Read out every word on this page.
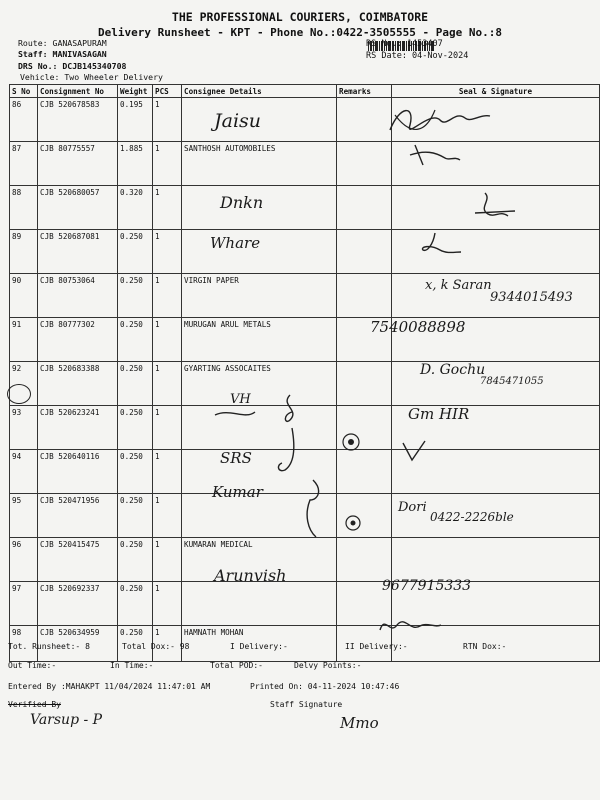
THE PROFESSIONAL COURIERS, COIMBATORE
Delivery Runsheet - KPT - Phone No.:0422-3505555 - Page No.:8
Route: GANASAPURAM
Staff: MANIVASAGAN
DRS No.: DCJB145340708
Vehicle: Two Wheeler Delivery
RS No.: 1453407
RS Date: 04-Nov-2024
S No	Consignment No	Weight	PCS	Consignee Details	Remarks	Seal & Signature
86	CJB 520678583	0.195	1			
87	CJB 80775557	1.885	1	SANTHOSH AUTOMOBILES		
88	CJB 520680057	0.320	1			
89	CJB 520687081	0.250	1			
90	CJB 80753064	0.250	1	VIRGIN PAPER		
91	CJB 80777302	0.250	1	MURUGAN ARUL METALS		
92	CJB 520683388	0.250	1	GYARTING ASSOCAITES		
93	CJB 520623241	0.250	1			
94	CJB 520640116	0.250	1			
95	CJB 520471956	0.250	1			
96	CJB 520415475	0.250	1	KUMARAN MEDICAL		
97	CJB 520692337	0.250	1			
98	CJB 520634959	0.250	1	HAMNATH MOHAN		
Jaisu
Dnkn
Whare
x, k Saran
9344015493
7540088898
D. Gochu
7845471055
VH
Gm HIR
SRS
Kumar
Dori
0422-2226ble
Arunvish
9677915333
Tot. Runsheet:- 8	Total Dox:- 98	I Delivery:-	II Delivery:-	RTN Dox:-
Out Time:-	In Time:-	Total POD:-	Delvy Points:-
Entered By :MAHAKPT 11/04/2024 11:47:01 AM	Printed On: 04-11-2024 10:47:46
Verified By	Staff Signature
Varsup - P	Mmo
